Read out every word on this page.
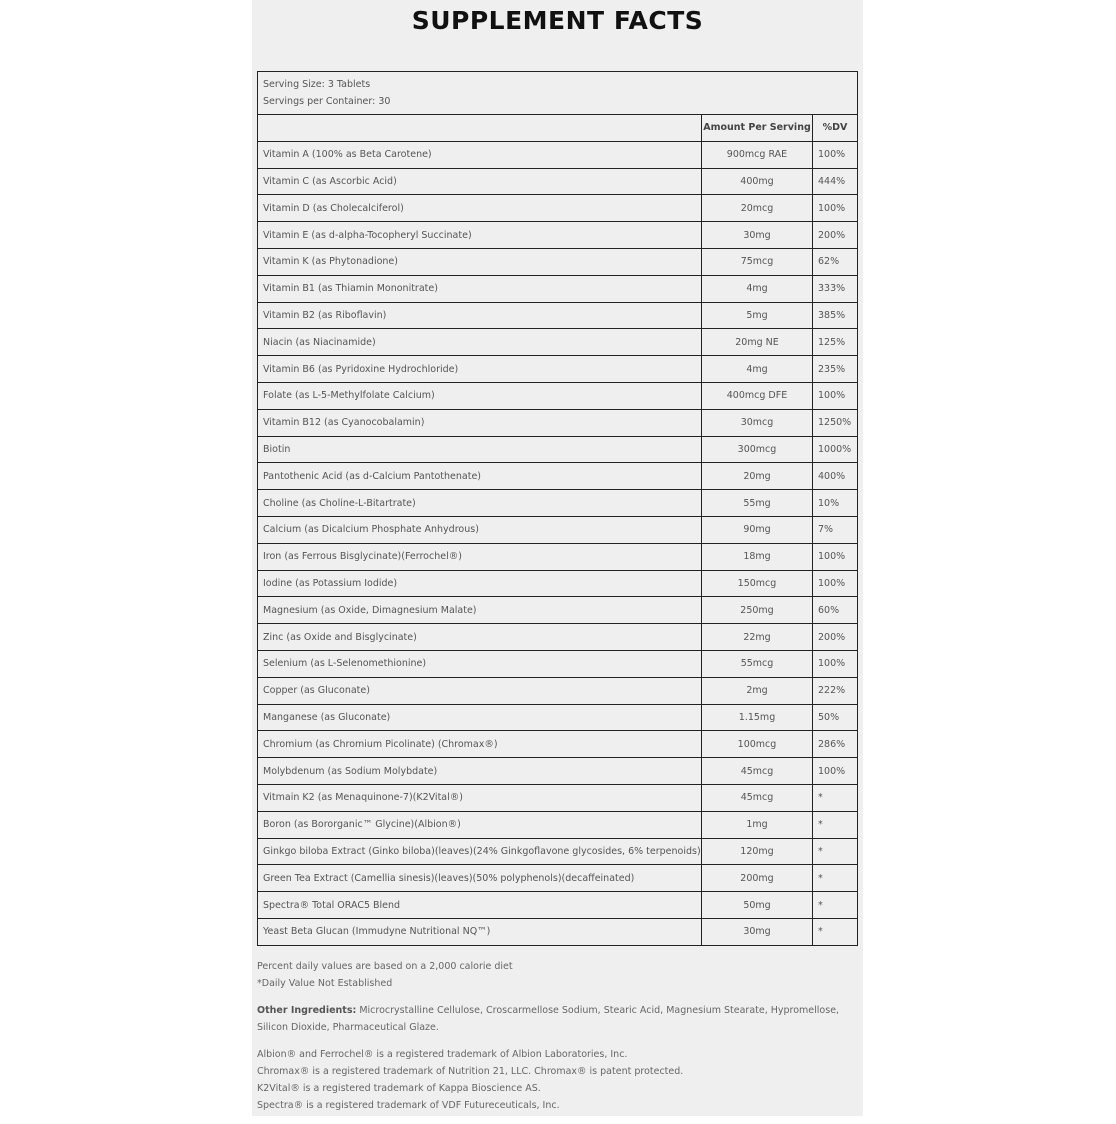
SUPPLEMENT FACTS
Serving Size: 3 Tablets
Servings per Container: 30		

	Amount Per Serving	%DV
Vitamin A (100% as Beta Carotene)	900mcg RAE	100%
Vitamin C (as Ascorbic Acid)	400mg	444%
Vitamin D (as Cholecalciferol)	20mcg	100%
Vitamin E (as d-alpha-Tocopheryl Succinate)	30mg	200%
Vitamin K (as Phytonadione)	75mcg	62%
Vitamin B1 (as Thiamin Mononitrate)	4mg	333%
Vitamin B2 (as Riboflavin)	5mg	385%
Niacin (as Niacinamide)	20mg NE	125%
Vitamin B6 (as Pyridoxine Hydrochloride)	4mg	235%
Folate (as L-5-Methylfolate Calcium)	400mcg DFE	100%
Vitamin B12 (as Cyanocobalamin)	30mcg	1250%
Biotin	300mcg	1000%
Pantothenic Acid (as d-Calcium Pantothenate)	20mg	400%
Choline (as Choline-L-Bitartrate)	55mg	10%
Calcium (as Dicalcium Phosphate Anhydrous)	90mg	7%
Iron (as Ferrous Bisglycinate)(Ferrochel®)	18mg	100%
Iodine (as Potassium Iodide)	150mcg	100%
Magnesium (as Oxide, Dimagnesium Malate)	250mg	60%
Zinc (as Oxide and Bisglycinate)	22mg	200%
Selenium (as L-Selenomethionine)	55mcg	100%
Copper (as Gluconate)	2mg	222%
Manganese (as Gluconate)	1.15mg	50%
Chromium (as Chromium Picolinate) (Chromax®)	100mcg	286%
Molybdenum (as Sodium Molybdate)	45mcg	100%
Vitmain K2 (as Menaquinone-7)(K2Vital®)	45mcg	*
Boron (as Bororganic™ Glycine)(Albion®)	1mg	*
Ginkgo biloba Extract (Ginko biloba)(leaves)(24% Ginkgoflavone glycosides, 6% terpenoids)	120mg	*
Green Tea Extract (Camellia sinesis)(leaves)(50% polyphenols)(decaffeinated)	200mg	*
Spectra® Total ORAC5 Blend	50mg	*
Yeast Beta Glucan (Immudyne Nutritional NQ™)	30mg	*

Percent daily values are based on a 2,000 calorie diet

*Daily Value Not Established

Other Ingredients: Microcrystalline Cellulose, Croscarmellose Sodium, Stearic Acid, Magnesium Stearate, Hypromellose, Silicon Dioxide, Pharmaceutical Glaze.

Albion® and Ferrochel® is a registered trademark of Albion Laboratories, Inc.

Chromax® is a registered trademark of Nutrition 21, LLC. Chromax® is patent protected.

K2Vital® is a registered trademark of Kappa Bioscience AS.

Spectra® is a registered trademark of VDF Futureceuticals, Inc.
